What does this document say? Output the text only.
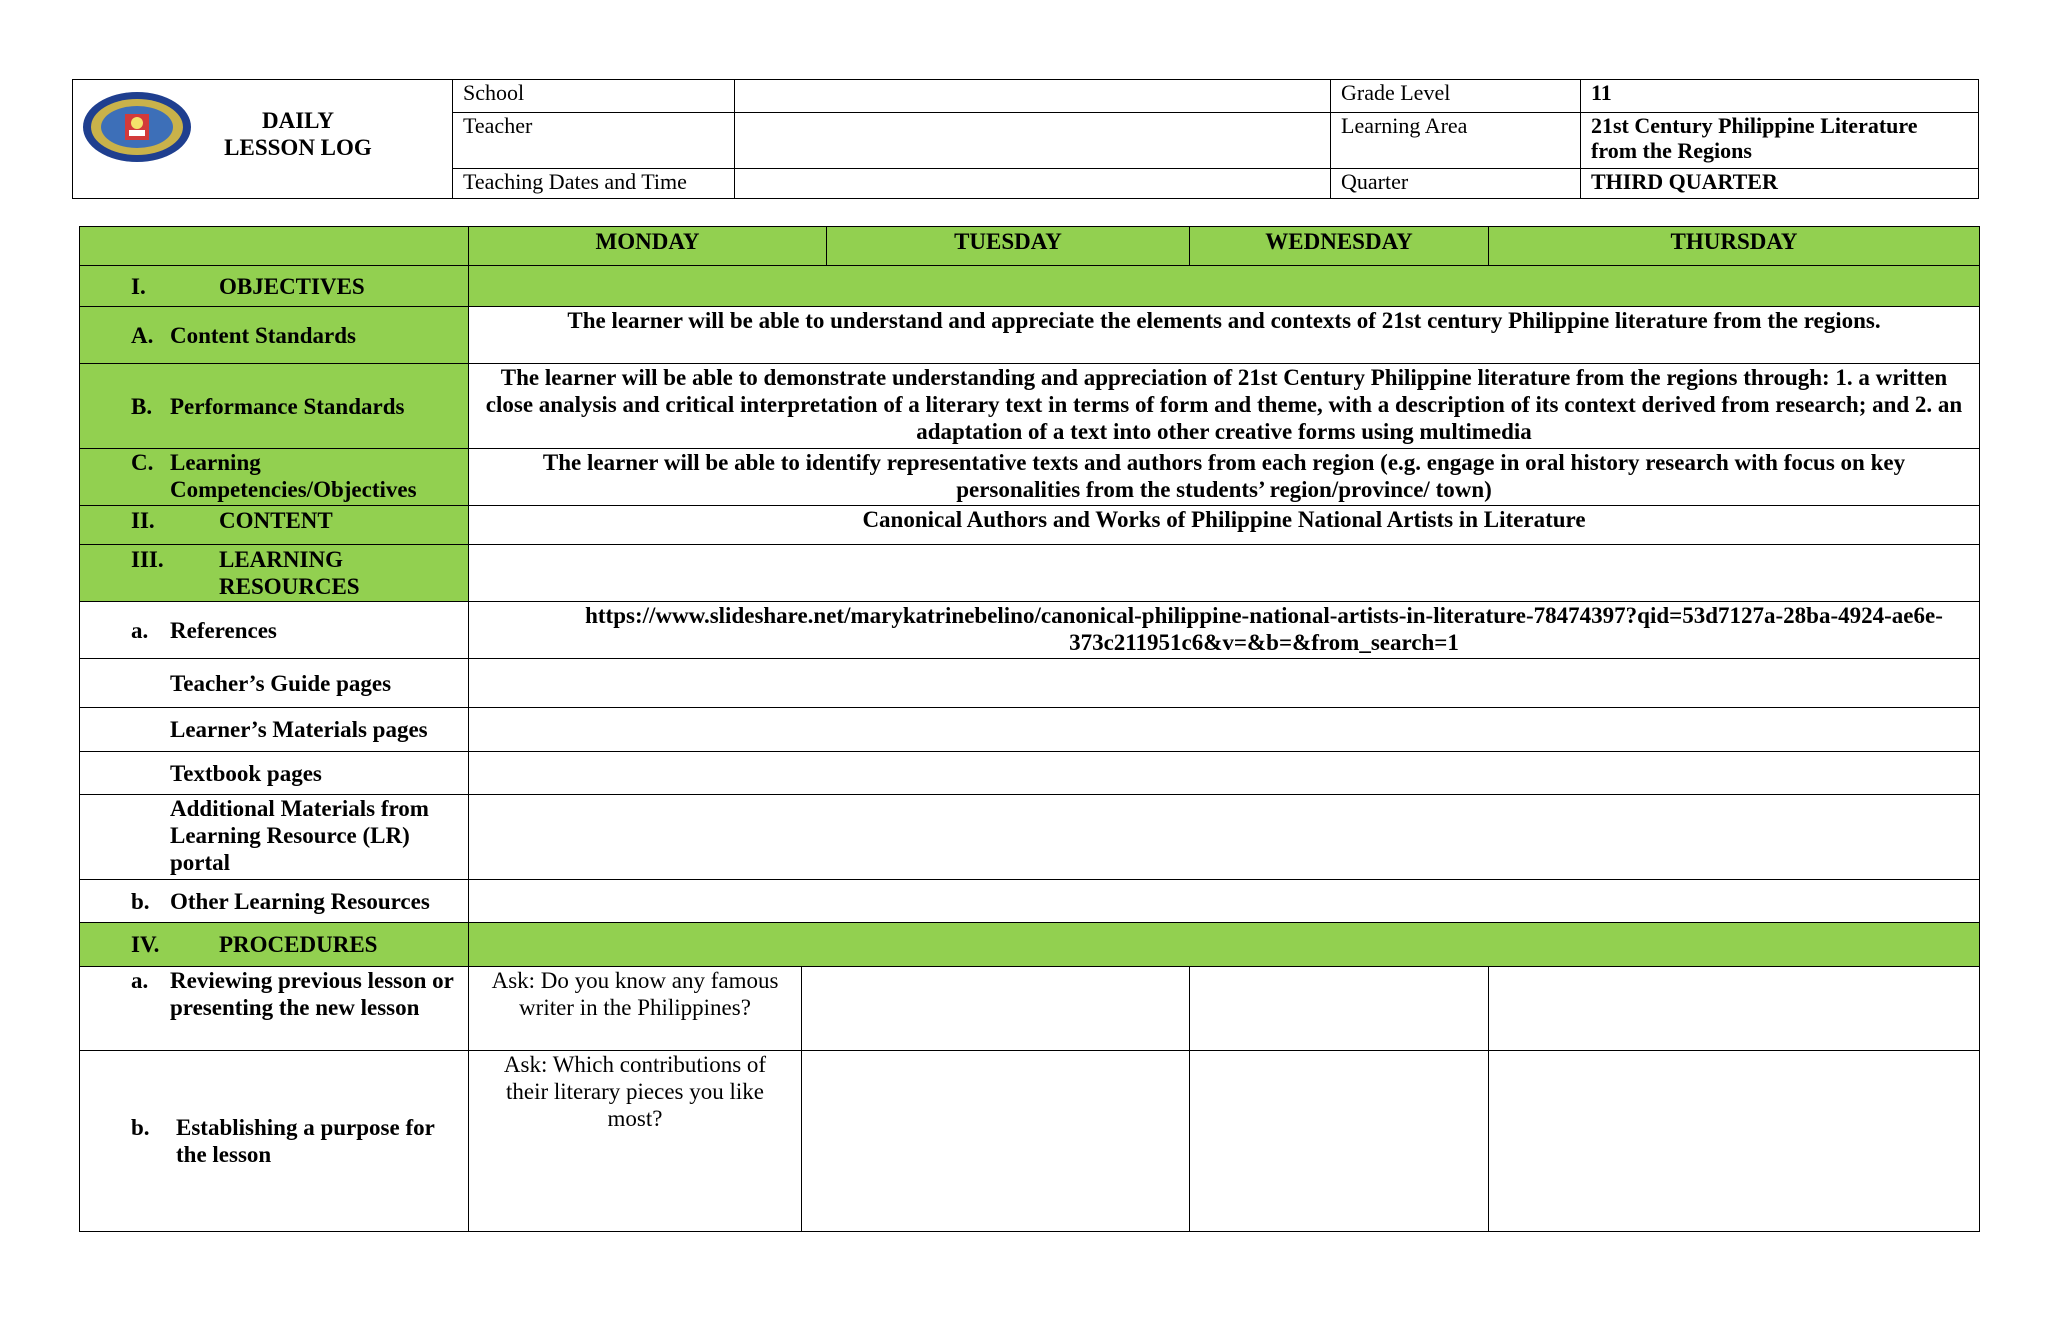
DAILY
LESSON LOG	School		Grade Level	11
	Teacher		Learning Area	21st Century Philippine Literature from the Regions
	Teaching Dates and Time		Quarter	THIRD QUARTER
	MONDAY		TUESDAY	WEDNESDAY	THURSDAY

I. OBJECTIVES					

A. Content Standards	The learner will be able to understand and appreciate the elements and contexts of 21st century Philippine literature from the regions.				

B. Performance Standards	The learner will be able to demonstrate understanding and appreciation of 21st Century Philippine literature from the regions through: 1. a written close analysis and critical interpretation of a literary text in terms of form and theme, with a description of its context derived from research; and 2. an adaptation of a text into other creative forms using multimedia				

C. Learning Competencies/Objectives	The learner will be able to identify representative texts and authors from each region (e.g. engage in oral history research with focus on key personalities from the students’ region/province/ town)				

II. CONTENT	Canonical Authors and Works of Philippine National Artists in Literature				

III. LEARNING RESOURCES					

a. References	https://www.slideshare.net/marykatrinebelino/canonical-philippine-national-artists-in-literature-78474397?qid=53d7127a-28ba-4924-ae6e-373c211951c6&v=&b=&from_search=1				

Teacher’s Guide pages					

Learner’s Materials pages					

Textbook pages					

Additional Materials from Learning Resource (LR) portal					

b. Other Learning Resources					

IV. PROCEDURES					

a. Reviewing previous lesson or presenting the new lesson	Ask: Do you know any famous writer in the Philippines?				

b. Establishing a purpose for the lesson	Ask: Which contributions of their literary pieces you like most?				
